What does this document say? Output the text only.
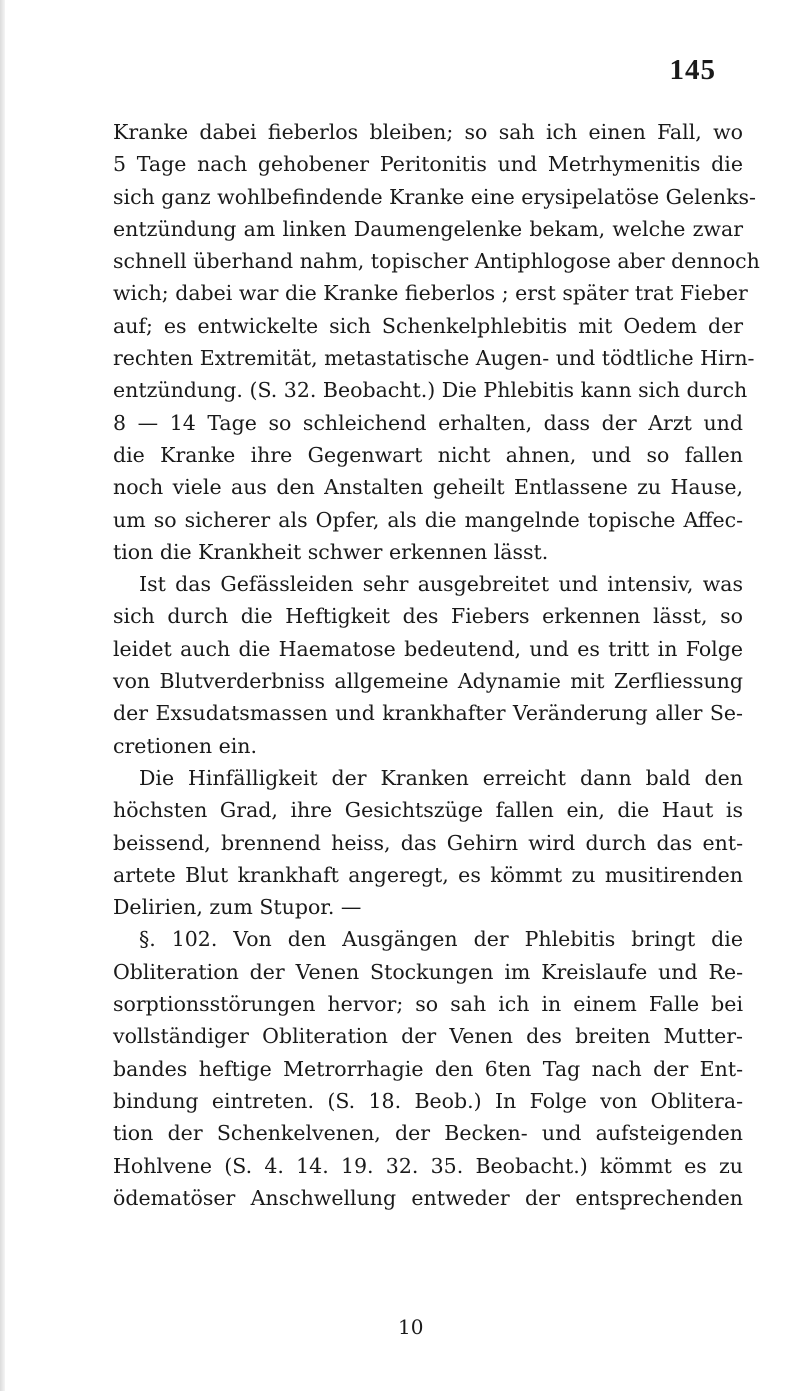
145
Kranke dabei fieberlos bleiben; so sah ich einen Fall, wo
5 Tage nach gehobener Peritonitis und Metrhymenitis die
sich ganz wohlbefindende Kranke eine erysipelatöse Gelenks-
entzündung am linken Daumengelenke bekam, welche zwar
schnell überhand nahm, topischer Antiphlogose aber dennoch
wich; dabei war die Kranke fieberlos ; erst später trat Fieber
auf; es entwickelte sich Schenkelphlebitis mit Oedem der
rechten Extremität, metastatische Augen- und tödtliche Hirn-
entzündung. (S. 32. Beobacht.) Die Phlebitis kann sich durch
8 — 14 Tage so schleichend erhalten, dass der Arzt und
die Kranke ihre Gegenwart nicht ahnen, und so fallen
noch viele aus den Anstalten geheilt Entlassene zu Hause,
um so sicherer als Opfer, als die mangelnde topische Affec-
tion die Krankheit schwer erkennen lässt.
Ist das Gefässleiden sehr ausgebreitet und intensiv, was
sich durch die Heftigkeit des Fiebers erkennen lässt, so
leidet auch die Haematose bedeutend, und es tritt in Folge
von Blutverderbniss allgemeine Adynamie mit Zerfliessung
der Exsudatsmassen und krankhafter Veränderung aller Se-
cretionen ein.
Die Hinfälligkeit der Kranken erreicht dann bald den
höchsten Grad, ihre Gesichtszüge fallen ein, die Haut is
beissend, brennend heiss, das Gehirn wird durch das ent-
artete Blut krankhaft angeregt, es kömmt zu musitirenden
Delirien, zum Stupor. —
§. 102. Von den Ausgängen der Phlebitis bringt die
Obliteration der Venen Stockungen im Kreislaufe und Re-
sorptionsstörungen hervor; so sah ich in einem Falle bei
vollständiger Obliteration der Venen des breiten Mutter-
bandes heftige Metrorrhagie den 6ten Tag nach der Ent-
bindung eintreten. (S. 18. Beob.) In Folge von Oblitera-
tion der Schenkelvenen, der Becken- und aufsteigenden
Hohlvene (S. 4. 14. 19. 32. 35. Beobacht.) kömmt es zu
ödematöser Anschwellung entweder der entsprechenden
10
